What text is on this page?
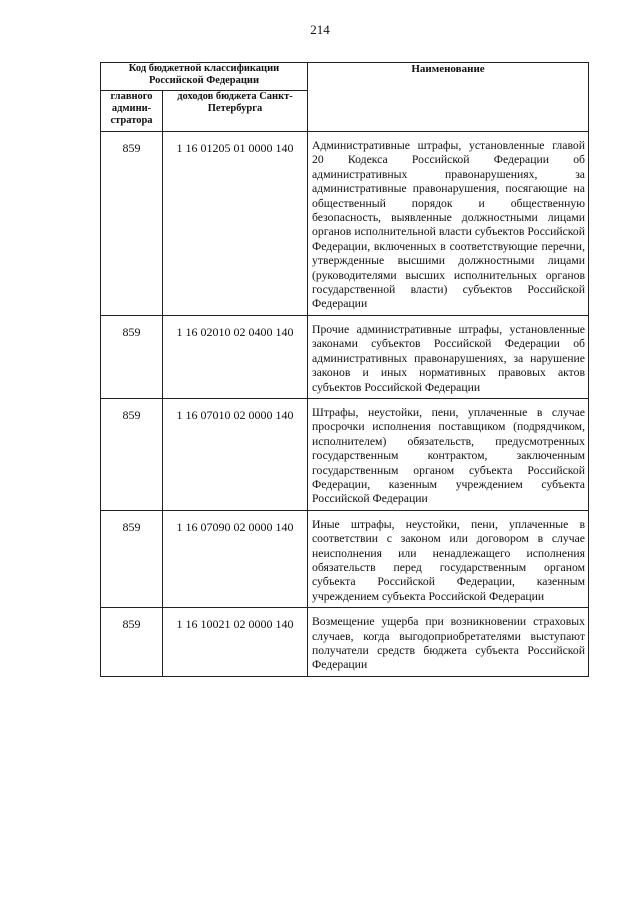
214
Код бюджетной классификации Российской Федерации		Наименование
главного админи-стратора	доходов бюджета Санкт-Петербурга	
859	1 16 01205 01 0000 140	Административные штрафы, установленные главой 20 Кодекса Российской Федерации об административных правонарушениях, за административные правонарушения, посягающие на общественный порядок и общественную безопасность, выявленные должностными лицами органов исполнительной власти субъектов Российской Федерации, включенных в соответствующие перечни, утвержденные высшими должностными лицами (руководителями высших исполнительных органов государственной власти) субъектов Российской Федерации
859	1 16 02010 02 0400 140	Прочие административные штрафы, установленные законами субъектов Российской Федерации об административных правонарушениях, за нарушение законов и иных нормативных правовых актов субъектов Российской Федерации
859	1 16 07010 02 0000 140	Штрафы, неустойки, пени, уплаченные в случае просрочки исполнения поставщиком (подрядчиком, исполнителем) обязательств, предусмотренных государственным контрактом, заключенным государственным органом субъекта Российской Федерации, казенным учреждением субъекта Российской Федерации
859	1 16 07090 02 0000 140	Иные штрафы, неустойки, пени, уплаченные в соответствии с законом или договором в случае неисполнения или ненадлежащего исполнения обязательств перед государственным органом субъекта Российской Федерации, казенным учреждением субъекта Российской Федерации
859	1 16 10021 02 0000 140	Возмещение ущерба при возникновении страховых случаев, когда выгодоприобретателями выступают получатели средств бюджета субъекта Российской Федерации
